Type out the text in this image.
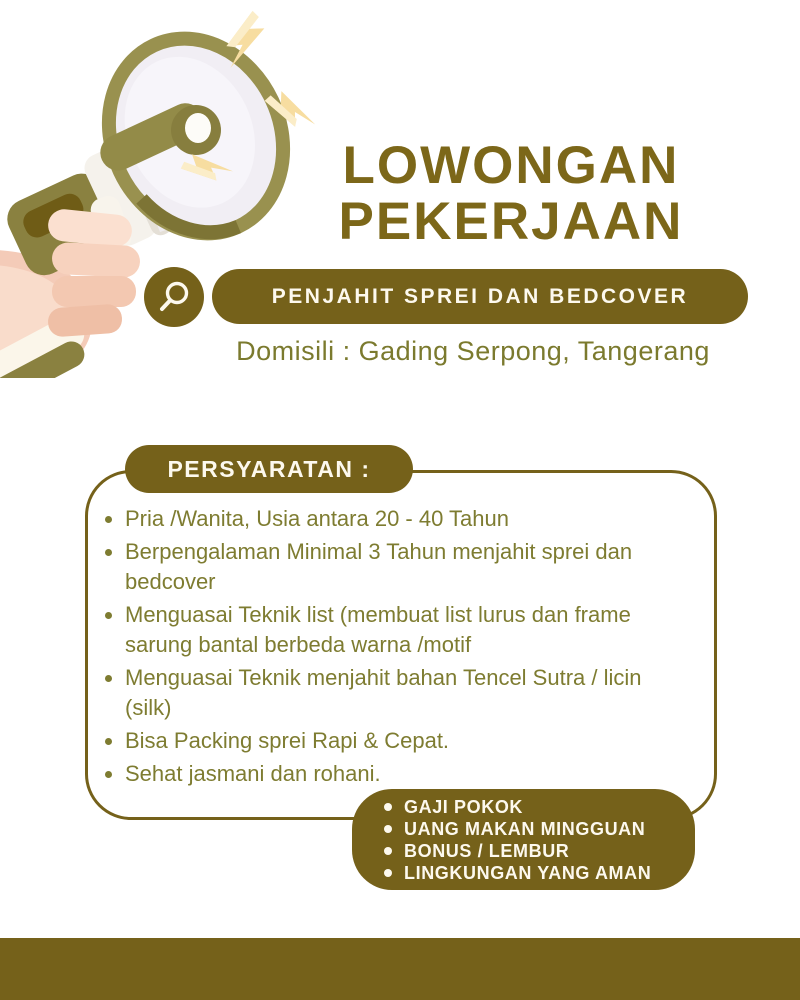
LOWONGAN
PEKERJAAN
PENJAHIT SPREI DAN BEDCOVER
Domisili : Gading Serpong, Tangerang
PERSYARATAN :
Pria /Wanita, Usia antara 20 - 40 Tahun
Berpengalaman Minimal 3 Tahun menjahit sprei dan bedcover
Menguasai Teknik list (membuat list lurus dan frame sarung bantal berbeda warna /motif
Menguasai Teknik menjahit bahan Tencel Sutra / licin (silk)
Bisa Packing sprei Rapi & Cepat.
Sehat jasmani dan rohani.
GAJI POKOK
UANG MAKAN MINGGUAN
BONUS / LEMBUR
LINGKUNGAN YANG AMAN
